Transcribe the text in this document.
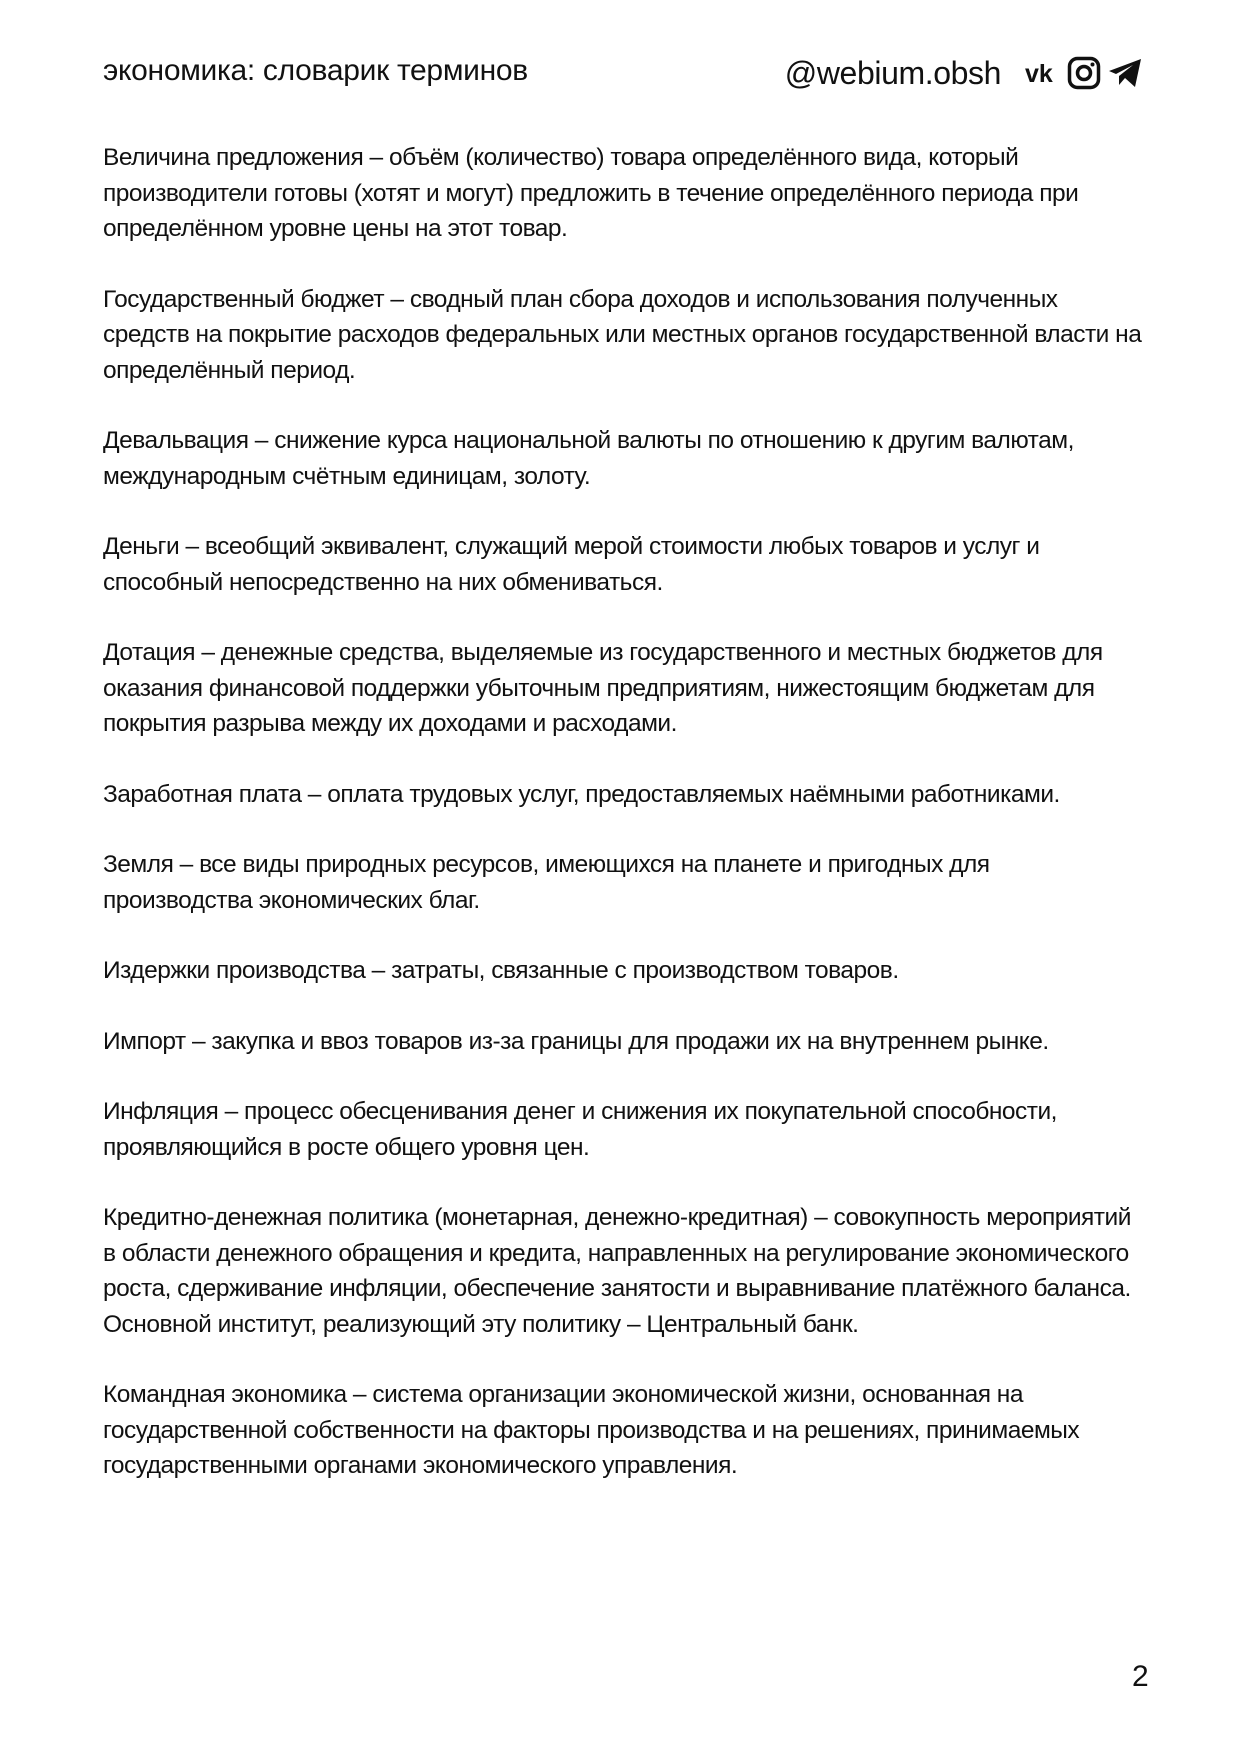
экономика: словарик терминов	@webium.obsh vk

Величина предложения – объём (количество) товара определённого вида, который производители готовы (хотят и могут) предложить в течение определённого периода при определённом уровне цены на этот товар.

Государственный бюджет – сводный план сбора доходов и использования полученных средств на покрытие расходов федеральных или местных органов государственной власти на определённый период.

Девальвация – снижение курса национальной валюты по отношению к другим валютам, международным счётным единицам, золоту.

Деньги – всеобщий эквивалент, служащий мерой стоимости любых товаров и услуг и способный непосредственно на них обмениваться.

Дотация – денежные средства, выделяемые из государственного и местных бюджетов для оказания финансовой поддержки убыточным предприятиям, нижестоящим бюджетам для покрытия разрыва между их доходами и расходами.

Заработная плата – оплата трудовых услуг, предоставляемых наёмными работниками.

Земля – все виды природных ресурсов, имеющихся на планете и пригодных для производства экономических благ.

Издержки производства – затраты, связанные с производством товаров.

Импорт – закупка и ввоз товаров из-за границы для продажи их на внутреннем рынке.

Инфляция – процесс обесценивания денег и снижения их покупательной способности, проявляющийся в росте общего уровня цен.

Кредитно-денежная политика (монетарная, денежно-кредитная) – совокупность мероприятий в области денежного обращения и кредита, направленных на регулирование экономического роста, сдерживание инфляции, обеспечение занятости и выравнивание платёжного баланса. Основной институт, реализующий эту политику – Центральный банк.

Командная экономика – система организации экономической жизни, основанная на государственной собственности на факторы производства и на решениях, принимаемых государственными органами экономического управления.

2
